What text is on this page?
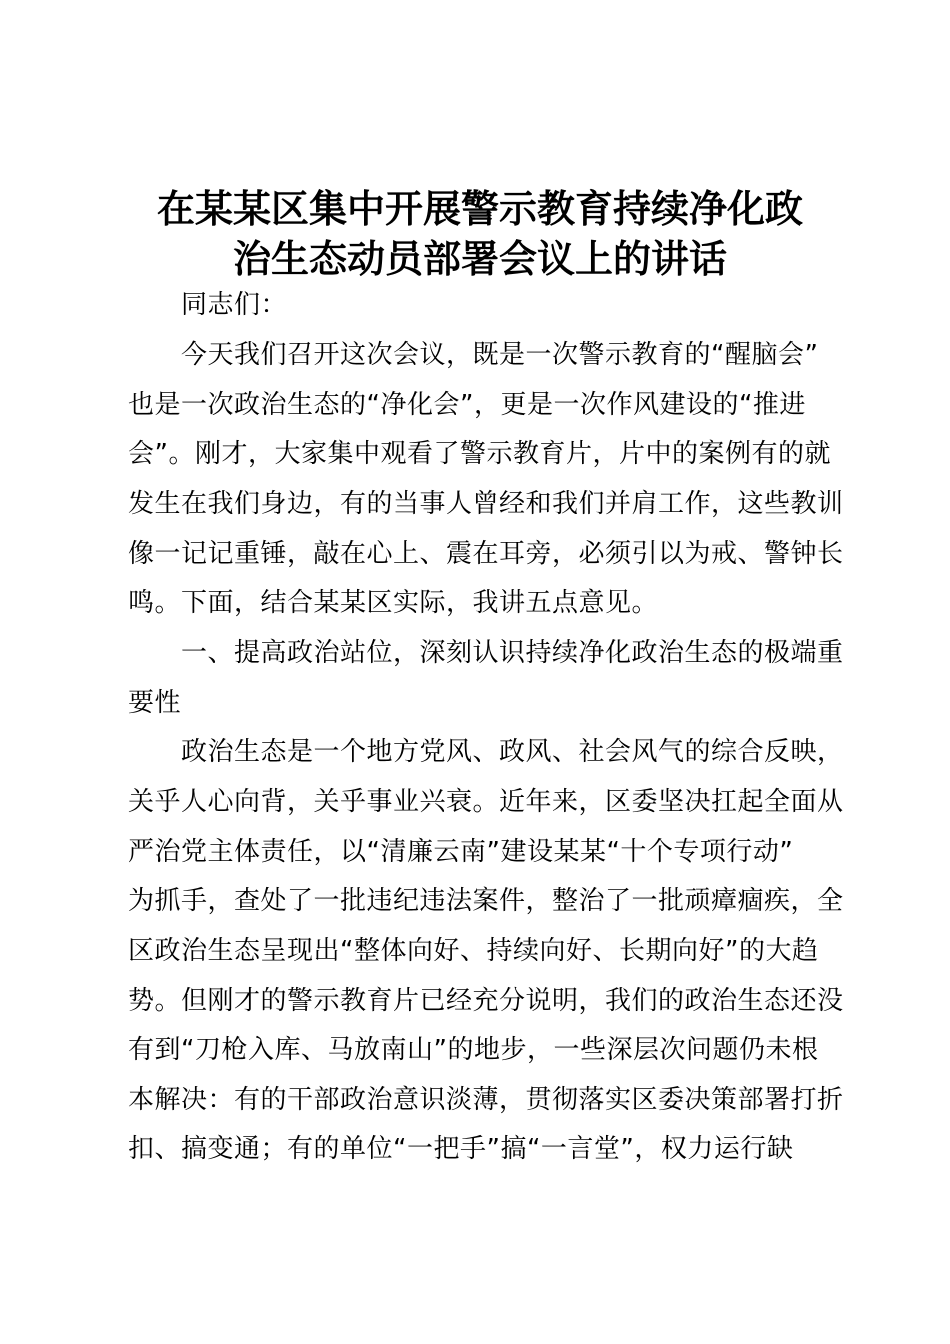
在某某区集中开展警示教育持续净化政
治生态动员部署会议上的讲话
　　同志们：
　　今天我们召开这次会议，既是一次警示教育的“醒脑会”
也是一次政治生态的“净化会”，更是一次作风建设的“推进
会”。刚才，大家集中观看了警示教育片，片中的案例有的就
发生在我们身边，有的当事人曾经和我们并肩工作，这些教训
像一记记重锤，敲在心上、震在耳旁，必须引以为戒、警钟长
鸣。下面，结合某某区实际，我讲五点意见。
　　一、提高政治站位，深刻认识持续净化政治生态的极端重
要性
　　政治生态是一个地方党风、政风、社会风气的综合反映，
关乎人心向背，关乎事业兴衰。近年来，区委坚决扛起全面从
严治党主体责任，以“清廉云南”建设某某“十个专项行动”
为抓手，查处了一批违纪违法案件，整治了一批顽瘴痼疾，全
区政治生态呈现出“整体向好、持续向好、长期向好”的大趋
势。但刚才的警示教育片已经充分说明，我们的政治生态还没
有到“刀枪入库、马放南山”的地步，一些深层次问题仍未根
本解决：有的干部政治意识淡薄，贯彻落实区委决策部署打折
扣、搞变通；有的单位“一把手”搞“一言堂”，权力运行缺
